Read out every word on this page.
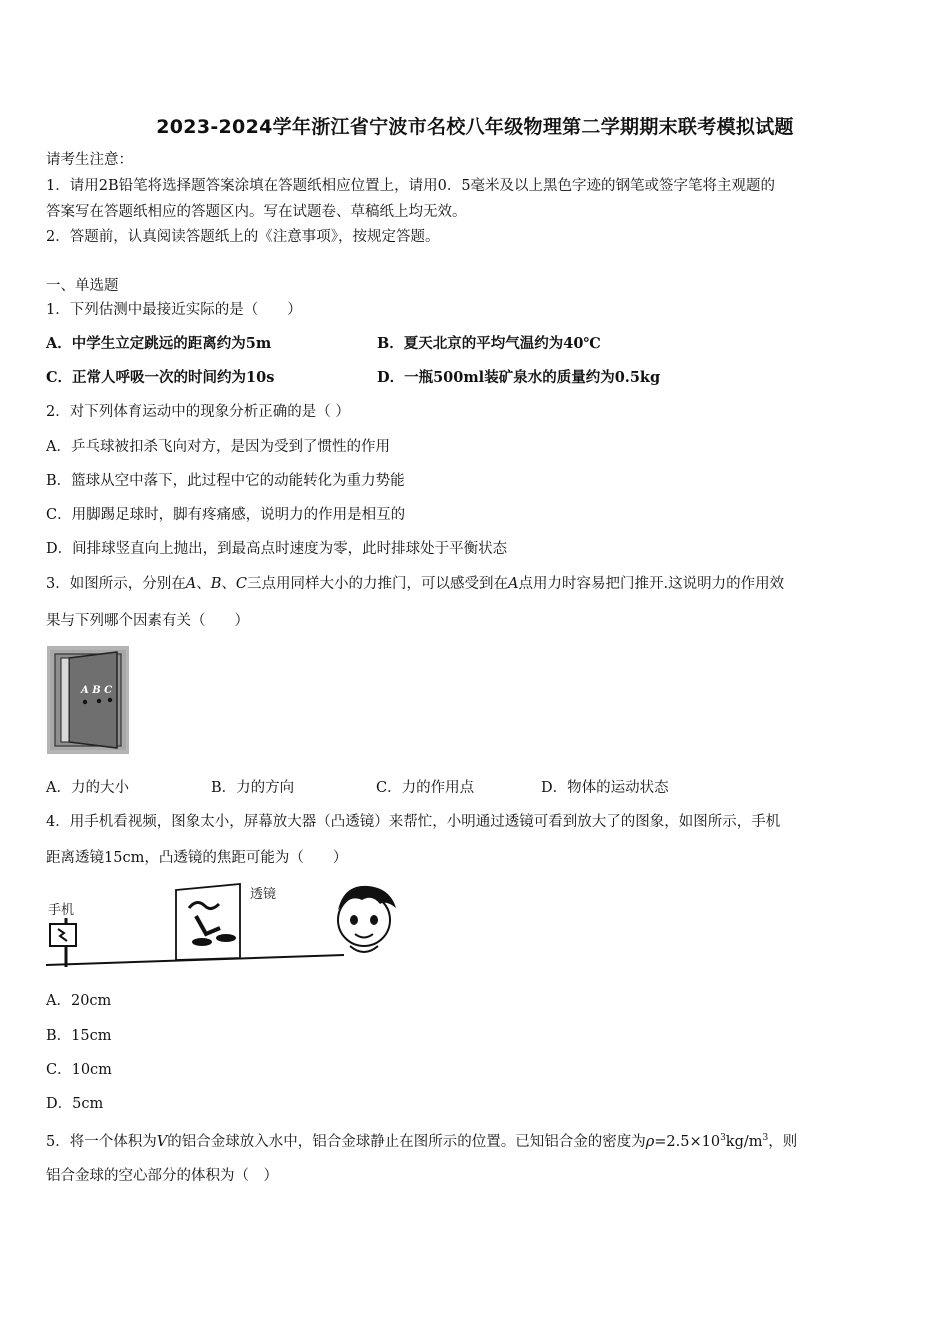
2023-2024学年浙江省宁波市名校八年级物理第二学期期末联考模拟试题
请考生注意：
1．请用2B铅笔将选择题答案涂填在答题纸相应位置上，请用0．5毫米及以上黑色字迹的钢笔或签字笔将主观题的
答案写在答题纸相应的答题区内。写在试题卷、草稿纸上均无效。
2．答题前，认真阅读答题纸上的《注意事项》，按规定答题。
一、单选题
1．下列估测中最接近实际的是（　　）
A．中学生立定跳远的距离约为5m	B．夏天北京的平均气温约为40℃
C．正常人呼吸一次的时间约为10s	D．一瓶500ml装矿泉水的质量约为0.5kg
2．对下列体育运动中的现象分析正确的是（ ）
A．乒乓球被扣杀飞向对方，是因为受到了惯性的作用
B．篮球从空中落下，此过程中它的动能转化为重力势能
C．用脚踢足球时，脚有疼痛感，说明力的作用是相互的
D．间排球竖直向上抛出，到最高点时速度为零，此时排球处于平衡状态
3．如图所示，分别在A、B、C三点用同样大小的力推门，可以感受到在A点用力时容易把门推开.这说明力的作用效
果与下列哪个因素有关（　　）
A B C
A．力的大小	B．力的方向	C．力的作用点	D．物体的运动状态
4．用手机看视频，图象太小，屏幕放大器（凸透镜）来帮忙，小明通过透镜可看到放大了的图象，如图所示，手机
距离透镜15cm，凸透镜的焦距可能为（　　）
手机
透镜
A．20cm
B．15cm
C．10cm
D．5cm
5．将一个体积为V的铝合金球放入水中，铝合金球静止在图所示的位置。已知铝合金的密度为$\rho=2.5\times 10^3kg/m^3$，则
铝合金球的空心部分的体积为（　）
